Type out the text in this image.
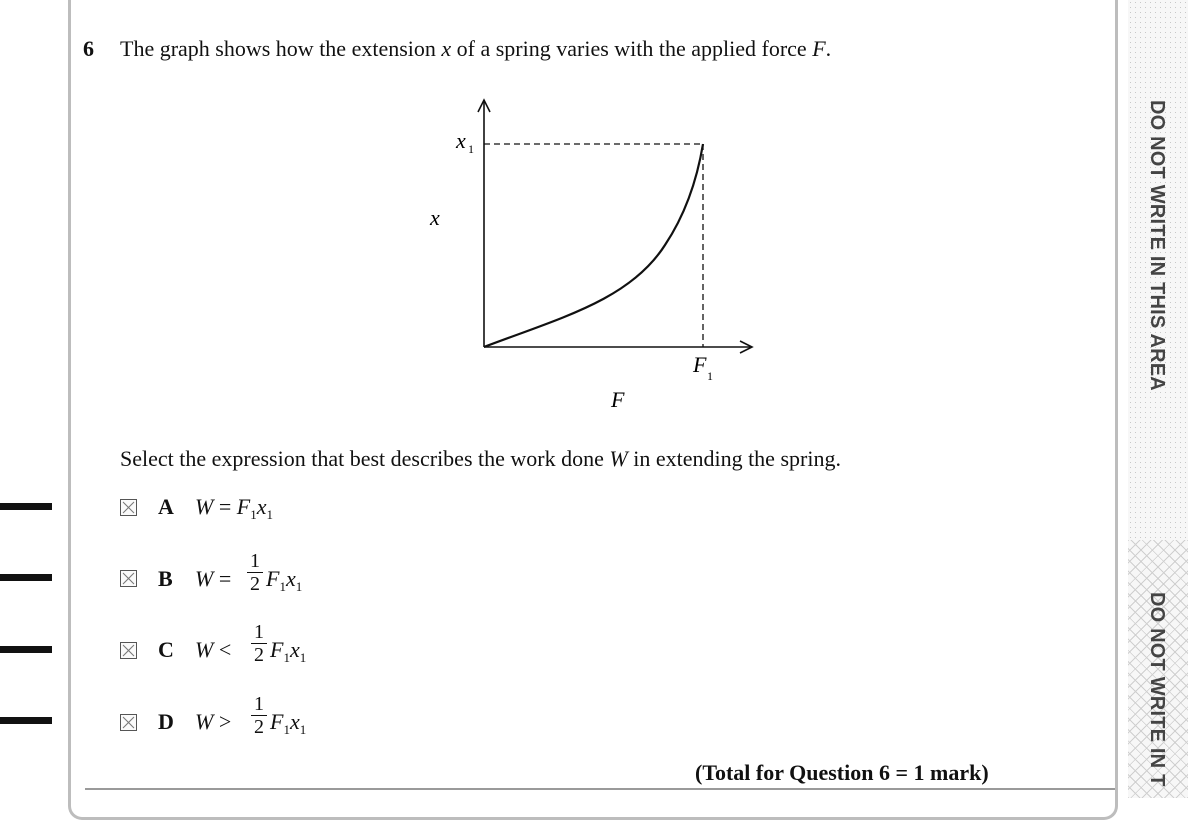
DO NOT WRITE IN THIS AREA
DO NOT WRITE IN T
6 The graph shows how the extension x of a spring varies with the applied force F.
x
F
x 1
F 1
Select the expression that best describes the work done W in extending the spring.
A $W = F_1x_1$
B W =
1
2 $F_1x_1$
C W <
1
2 $F_1x_1$
D W >
1
2 $F_1x_1$
(Total for Question 6 = 1 mark)
